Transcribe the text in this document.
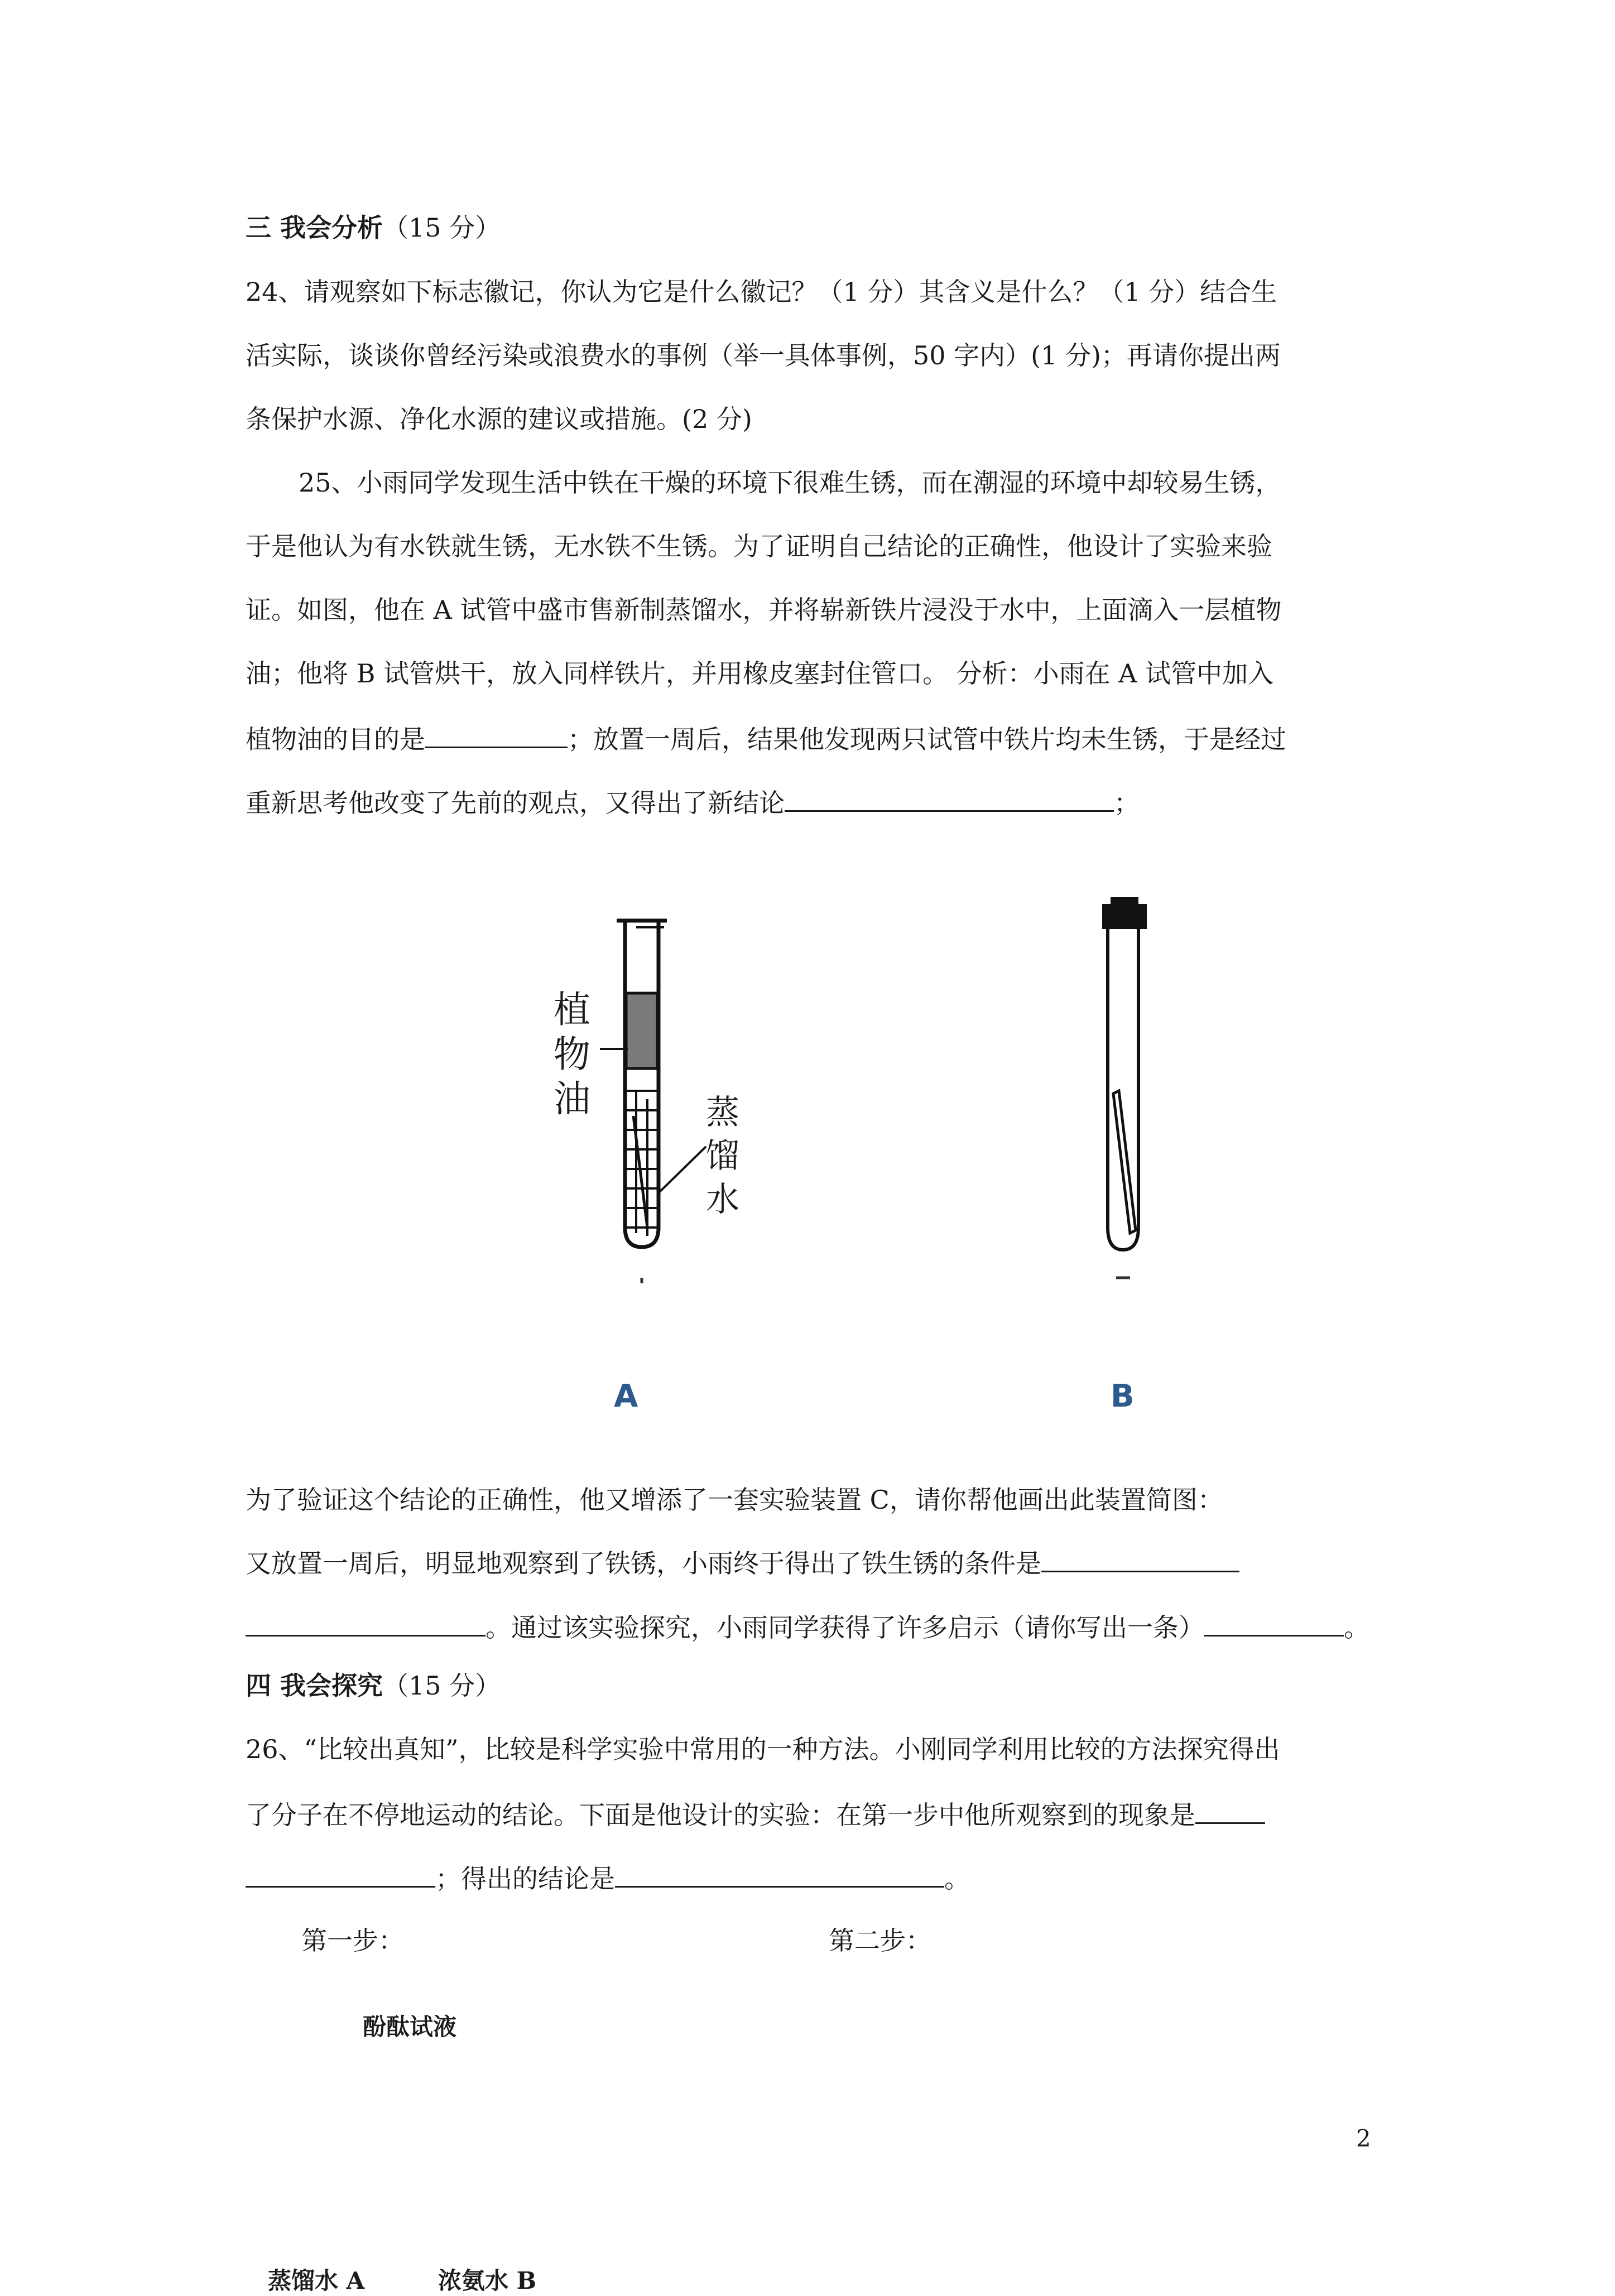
三 我会分析（15 分）
24、请观察如下标志徽记，你认为它是什么徽记？（1 分）其含义是什么？（1 分）结合生
活实际，谈谈你曾经污染或浪费水的事例（举一具体事例，50 字内）(1 分)；再请你提出两
条保护水源、净化水源的建议或措施。(2 分)
25、小雨同学发现生活中铁在干燥的环境下很难生锈，而在潮湿的环境中却较易生锈，
于是他认为有水铁就生锈，无水铁不生锈。为了证明自己结论的正确性，他设计了实验来验
证。如图，他在 A 试管中盛市售新制蒸馏水，并将崭新铁片浸没于水中，上面滴入一层植物
油；他将 B 试管烘干，放入同样铁片，并用橡皮塞封住管口。 分析：小雨在 A 试管中加入
植物油的目的是	；放置一周后，结果他发现两只试管中铁片均未生锈，于是经过
重新思考他改变了先前的观点，又得出了新结论	；
植
物
油	蒸
馏
水
A	B
为了验证这个结论的正确性，他又增添了一套实验装置 C，请你帮他画出此装置简图：
又放置一周后，明显地观察到了铁锈，小雨终于得出了铁生锈的条件是
。通过该实验探究，小雨同学获得了许多启示（请你写出一条）	。
四 我会探究（15 分）
26、“比较出真知”，比较是科学实验中常用的一种方法。小刚同学利用比较的方法探究得出
了分子在不停地运动的结论。下面是他设计的实验：在第一步中他所观察到的现象是
；得出的结论是	。
第一步：	第二步：
酚酞试液
2
蒸馏水 A	浓氨水 B
